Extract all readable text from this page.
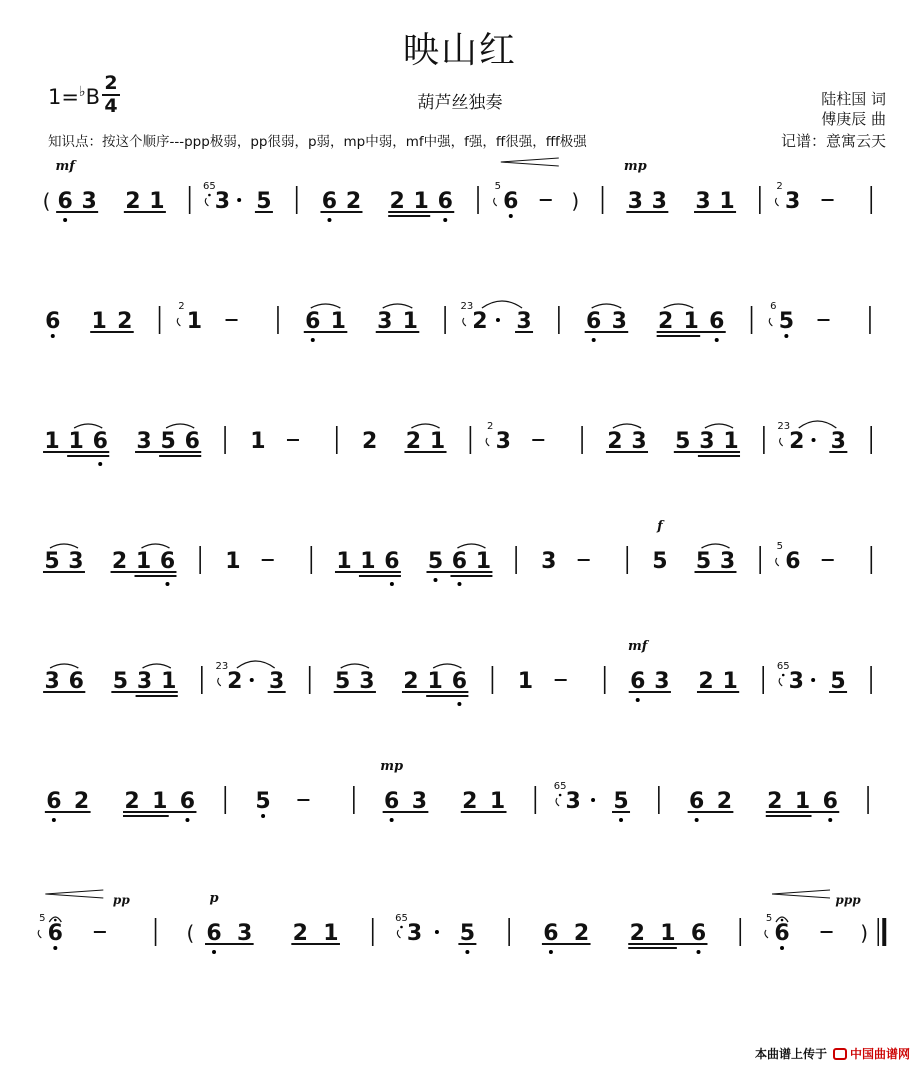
映山红
1=♭B
2
4	葫芦丝独奏	陆柱国 词
傅庚辰 曲
记谱：意寓云天
知识点：按这个顺序---ppp极弱，pp很弱，p弱，mp中弱，mf中强，f强，ff很强，fff极强
( 6
mf
3 2 1 3
65
5 6 2 2 1 6 6
5
) 3
mp
3 3 1 3
2
6 1 2 1
2
6 1 3 1 2
23
3 6 3 2 1 6 5
6
1 1 6 3 5 6 1	2 2 1 3
2
2 3 5 3 1 2
23
3
5 3 2 1 6 1	1 1 6 5 6 1 3	5
f
5 3 6
5
3 6 5 3 1 2
23
3 5 3 2 1 6 1	6
mf
3 2 1 3
65
5
6 2 2 1 6	5	6
mp
3 2 1	3
65
5	6 2 2 1 6
6
5
pp
( 6
p
3 2 1	3
65
5	6 2 2 1 6	6
5
ppp
)
本曲谱上传于 中国曲谱网
